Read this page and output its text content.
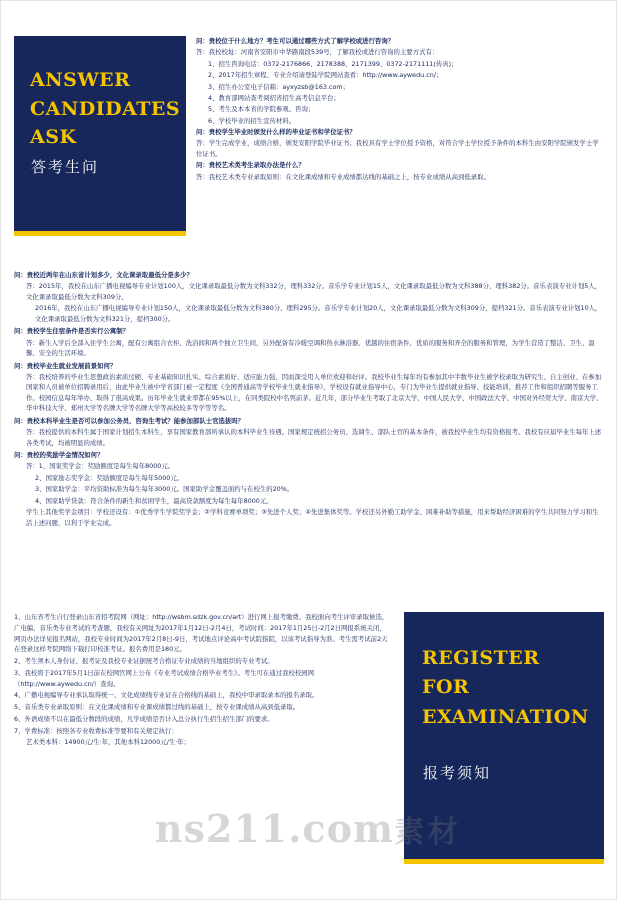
ANSWER
CANDIDATES
ASK
答考生问

问：贵校位于什么地方？考生可以通过哪些方式了解学校或进行咨询？

答：我校校址：河南省安阳市中华路南段539号，了解我校或进行咨询的主要方式有：

1、招生咨询电话：0372-2176866、2178388、2171399、0372-2171111(传真)；

2、2017年招生章程、专业介绍请登陆学院网站查看：http://www.aywedu.cn/；

3、招生办公室电子信箱：ayxyzsb@163.com；

4、教育部网站查考阅招省招生高考信息平台；

5、考生及本本省的学院参观、咨询；

6、学校毕业的招生宣传材料。

问：贵校学生毕业时颁发什么样的毕业证书和学位证书？

答：学生完成学业，成绩合格，颁发安阳学院毕业证书；我校具有学士学位授予资格，对符合学士学位授予条件的本科生由安阳学院颁发学士学位证书。

问：贵校艺术类考生录取办法是什么？

答：我校艺术类专业录取原则：在文化课成绩和专业成绩都达线的基础之上，按专业成绩从高到低录取。

问：贵校近两年在山东省计划多少，文化课录取最低分是多少？

答：2015年，我校在山东广播电视编导专业计划100人，文化课录取最低分数为文科332分，理科332分。音乐学专业计划15人，文化课录取最低分数为文科388分、理科382分。音乐表演专业计划5人，文化课录取最低分数为文科309分。

2016年，我校在山东广播电视编导专业计划150人，文化课录取最低分数为文科380分、理科295分。音乐学专业计划20人，文化课录取最低分数为文科309分，提档321分。音乐表演专业计划10人，文化课录取最低分数为文科321分，提档300分。

问：贵校学生住宿条件是否实行公寓制？

答：新生入学后全部入住学生公寓，配有公寓组合衣柜、洗浴间和两个独立卫生间，另外配备有冷暖空调和热水淋浴器、优越的住宿条件、优质的服务和齐全的服务和管理，为学生营造了整洁、卫生、温馨、安全的生活环境。

问：贵校毕业生就业发展前景如何？

答：我校培养的毕业生思想政治素质过硬、专业基础知识扎实、综合素质好、适应能力强，因而深受用人单位欢迎和好评。我校毕业生每年均有参加其中半数毕业生被学校录取为研究生、自主创业、在参加国家和人员被单位招聘录用后，由此毕业生被中学省部门被一定程度《全国普通高等学校毕业生就业指导》，学校设有就业指导中心，专门为毕业生提供就业指导、技能培训、推荐工作和组织招聘等服务工作。校园信息每年举办、取得了很高成果。历年毕业生就业率都在95%以上，在同类院校中名列前茅。近几年，部分毕业生考取了北京大学、中国人民大学、中国政法大学、中国对外经贸大学、南京大学、华中科技大学、郑州大学等名牌大学等名牌大学等高校较多等学等等名。

问：贵校本科毕业生是否可以参加公务员、咨询生考试？能参加部队士官选拔吗？

答：我校提供的本科生属于国家计划招生本科生，享有国家教育部所承认的本科毕业生待遇。国家规定统招公务员、选调生、部队士官的基本条件，被我校毕业生均有资格报考。我校有应届毕业生每年上述各类考试，均被明显的成绩。

问：贵校的奖励学金情况如何？

答：1、国家奖学金：奖励额度是每生每年8000元。

2、国家励志奖学金：奖励额度是每生每年5000元。

3、国家助学金：平均资助标准为每生每年3000元。国家助学金覆盖面约与在校生的20%。

4、国家助学贷款：符合条件的新生和贫困学生，最高贷款额度为每生每年8000元。

学生上其他奖学金项目：学校还设有：①优秀学生学院奖学金；②学科竞赛单项奖；③先进个人奖；④先进集体奖等。学校还另外勤工助学金、困难补助等措施，用来帮助经济困难的学生共同努力学习和生活上述问题，以利于学业完成。

1、山东省考生自行登录山东省招考院网（网址：http://wsbm.sdzk.gov.cn/art）进行网上报考缴费。我校面向考生评审录取候选，广电编、音乐类专业考试的考查题，我校有关网址为2017年1月12日-2月4日，考试时间：2017年1月25日-2月2日网报系统关闭，网页办法详见报名网站，我校专业时间为2017年2月8日-9日，考试地点评论高中考试院指院，以该考试指导为准。考生需考试前2天在登录这样考院网络下载打印校准考证。报名费用是180元。

2、考生须本人身份证、报考证及我校专业证据统考合格证专业成绩的当地组织的专业考试。

3、我校将于2017年5月1日前在校网官网上公布《专业考试成绩合格毕业考生》。考生可在通过我校校园网（http://www.aywedu.cn/）查询。

4、广播电视编导专业承认取得统一、文化成绩线专业证在合格线的基础上，我校中审录取录本的报名录取。

5、音乐类专业录取原则：在文化课成绩和专业课成绩都过线的基础上，按专业课成绩从高到低录取。

6、外语成绩不以在最低分数段的成绩，凡学成绩是否计入总分执行生招生招生部门的要求。

7、学费标准：按照各专业收费标准等要和有关规定执行：

艺术类本科：14900元/生·年，其他本科12000元/生·年；

REGISTER
FOR
EXAMINATION
报考须知
ns211.com素材
